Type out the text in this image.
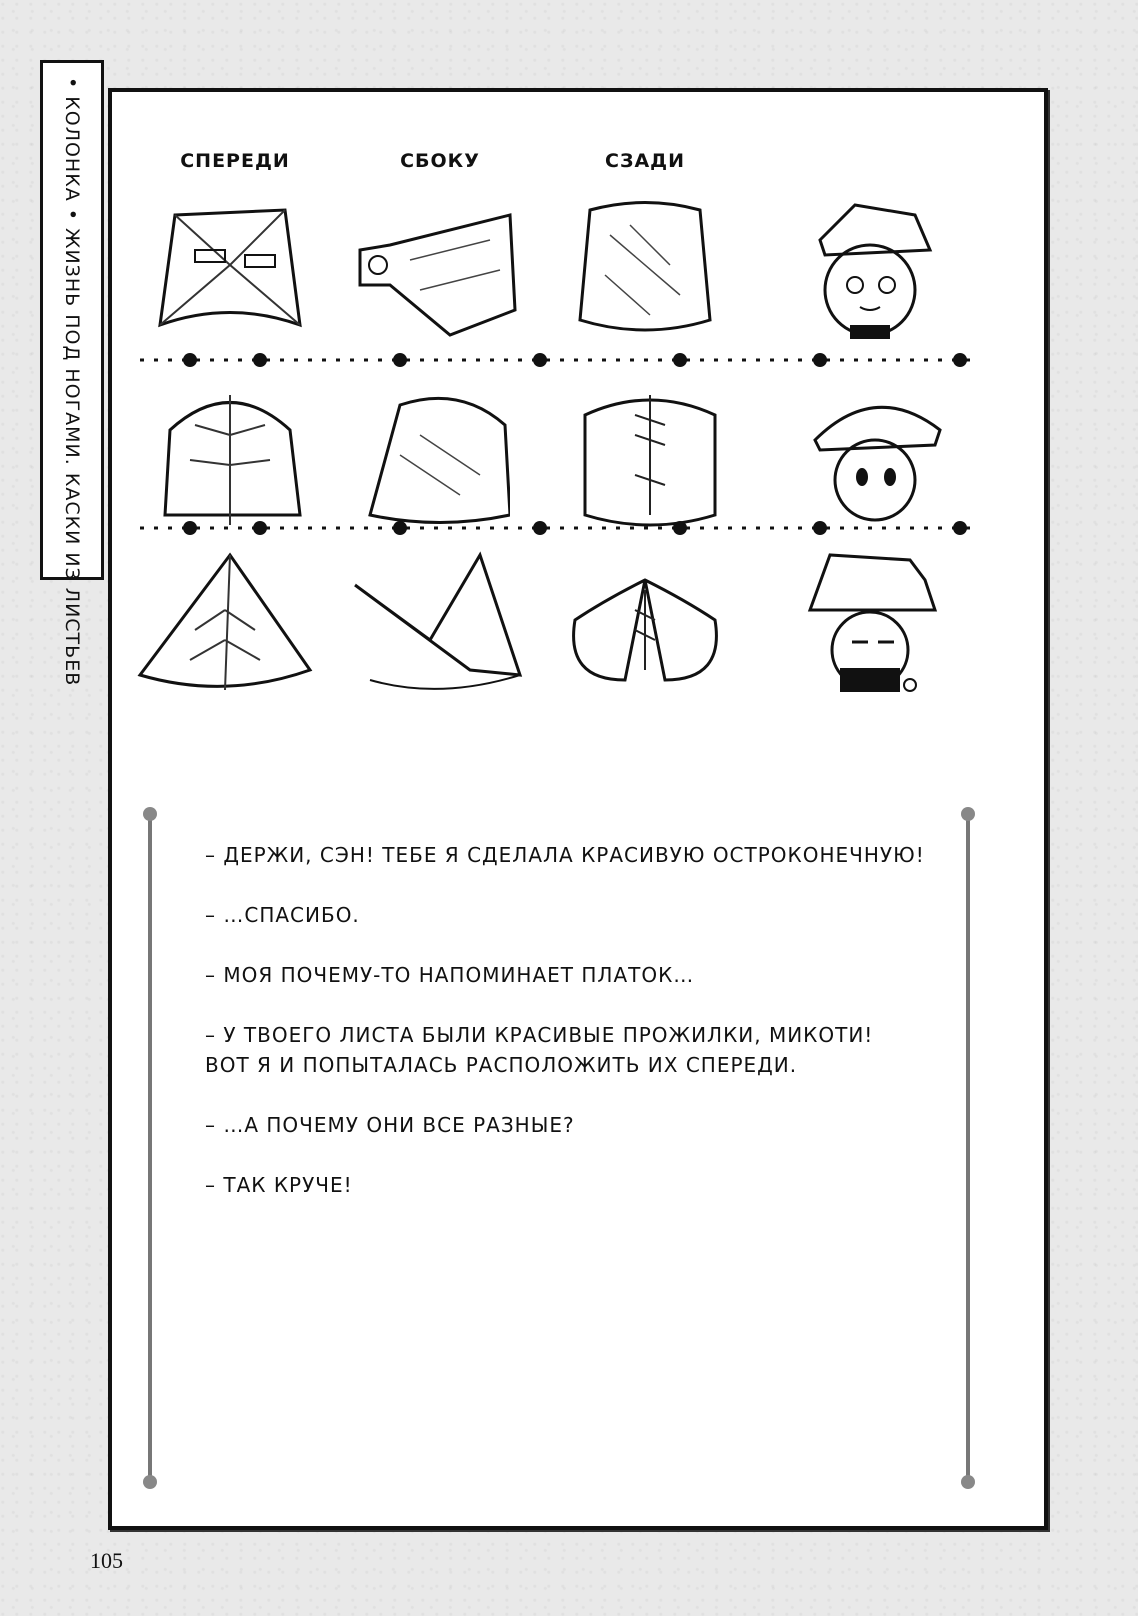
• КОЛОНКА • ЖИЗНЬ ПОД НОГАМИ. КАСКИ ИЗ ЛИСТЬЕВ	СПЕРЕДИ	СБОКУ	СЗАДИ

– ДЕРЖИ, СЭН! ТЕБЕ Я СДЕЛАЛА КРАСИВУЮ ОСТРОКОНЕЧНУЮ!

– …СПАСИБО.

– МОЯ ПОЧЕМУ-ТО НАПОМИНАЕТ ПЛАТОК…

– У ТВОЕГО ЛИСТА БЫЛИ КРАСИВЫЕ ПРОЖИЛКИ, МИКОТИ!
ВОТ Я И ПОПЫТАЛАСЬ РАСПОЛОЖИТЬ ИХ СПЕРЕДИ.

– …А ПОЧЕМУ ОНИ ВСЕ РАЗНЫЕ?

– ТАК КРУЧЕ!

105
